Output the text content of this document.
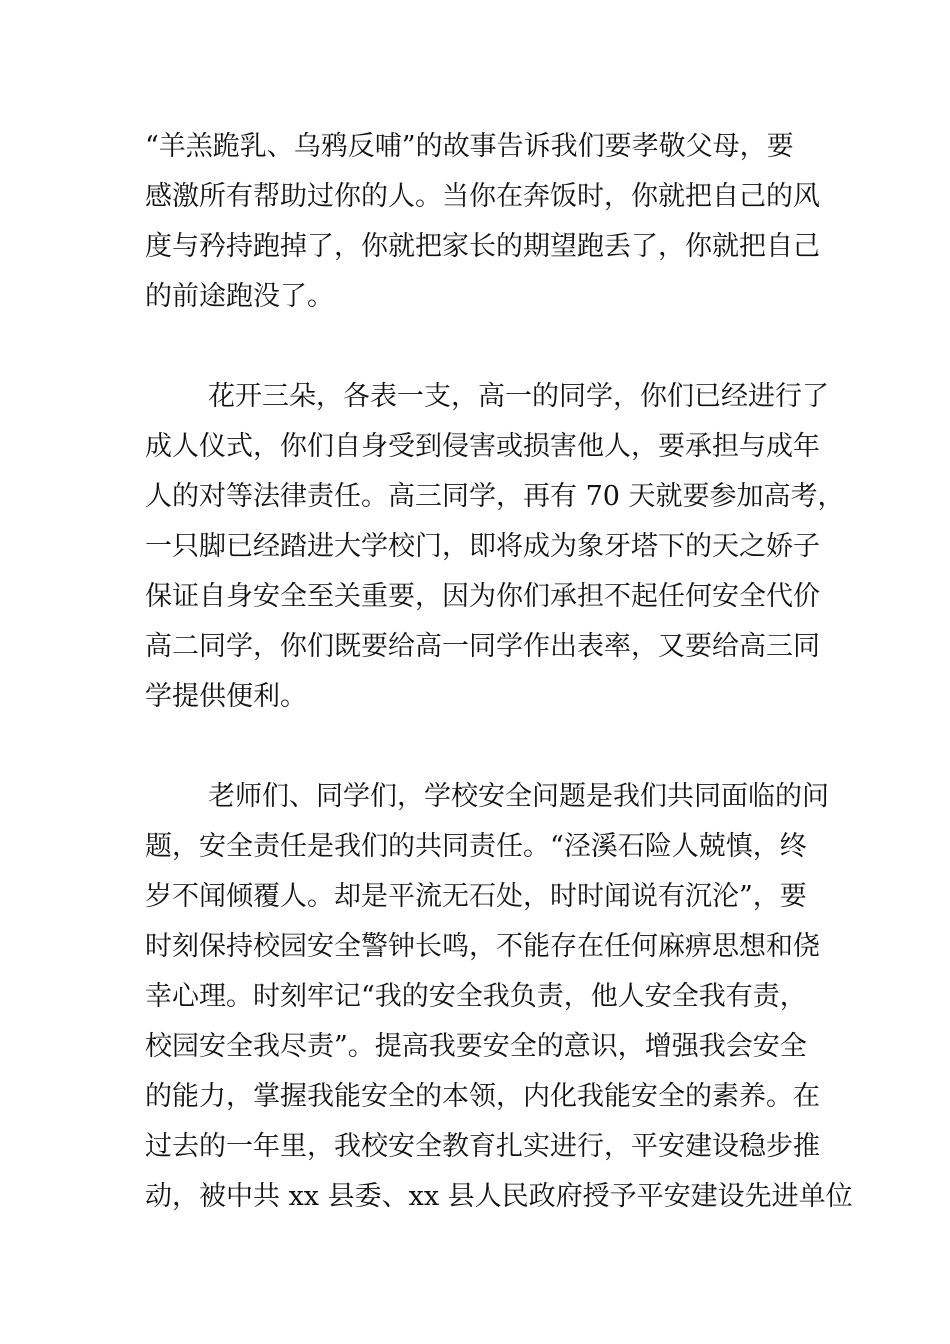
“羊羔跪乳、乌鸦反哺”的故事告诉我们要孝敬父母，要
感激所有帮助过你的人。当你在奔饭时，你就把自己的风
度与矜持跑掉了，你就把家长的期望跑丢了，你就把自己
的前途跑没了。
花开三朵，各表一支，高一的同学，你们已经进行了
成人仪式，你们自身受到侵害或损害他人，要承担与成年
人的对等法律责任。高三同学，再有 70 天就要参加高考，
一只脚已经踏进大学校门，即将成为象牙塔下的天之娇子
保证自身安全至关重要，因为你们承担不起任何安全代价
高二同学，你们既要给高一同学作出表率，又要给高三同
学提供便利。
老师们、同学们，学校安全问题是我们共同面临的问
题，安全责任是我们的共同责任。“泾溪石险人兢慎，终
岁不闻倾覆人。却是平流无石处，时时闻说有沉沦”，要
时刻保持校园安全警钟长鸣，不能存在任何麻痹思想和侥
幸心理。时刻牢记“我的安全我负责，他人安全我有责，
校园安全我尽责”。提高我要安全的意识，增强我会安全
的能力，掌握我能安全的本领，内化我能安全的素养。在
过去的一年里，我校安全教育扎实进行，平安建设稳步推
动，被中共 xx 县委、xx 县人民政府授予平安建设先进单位
